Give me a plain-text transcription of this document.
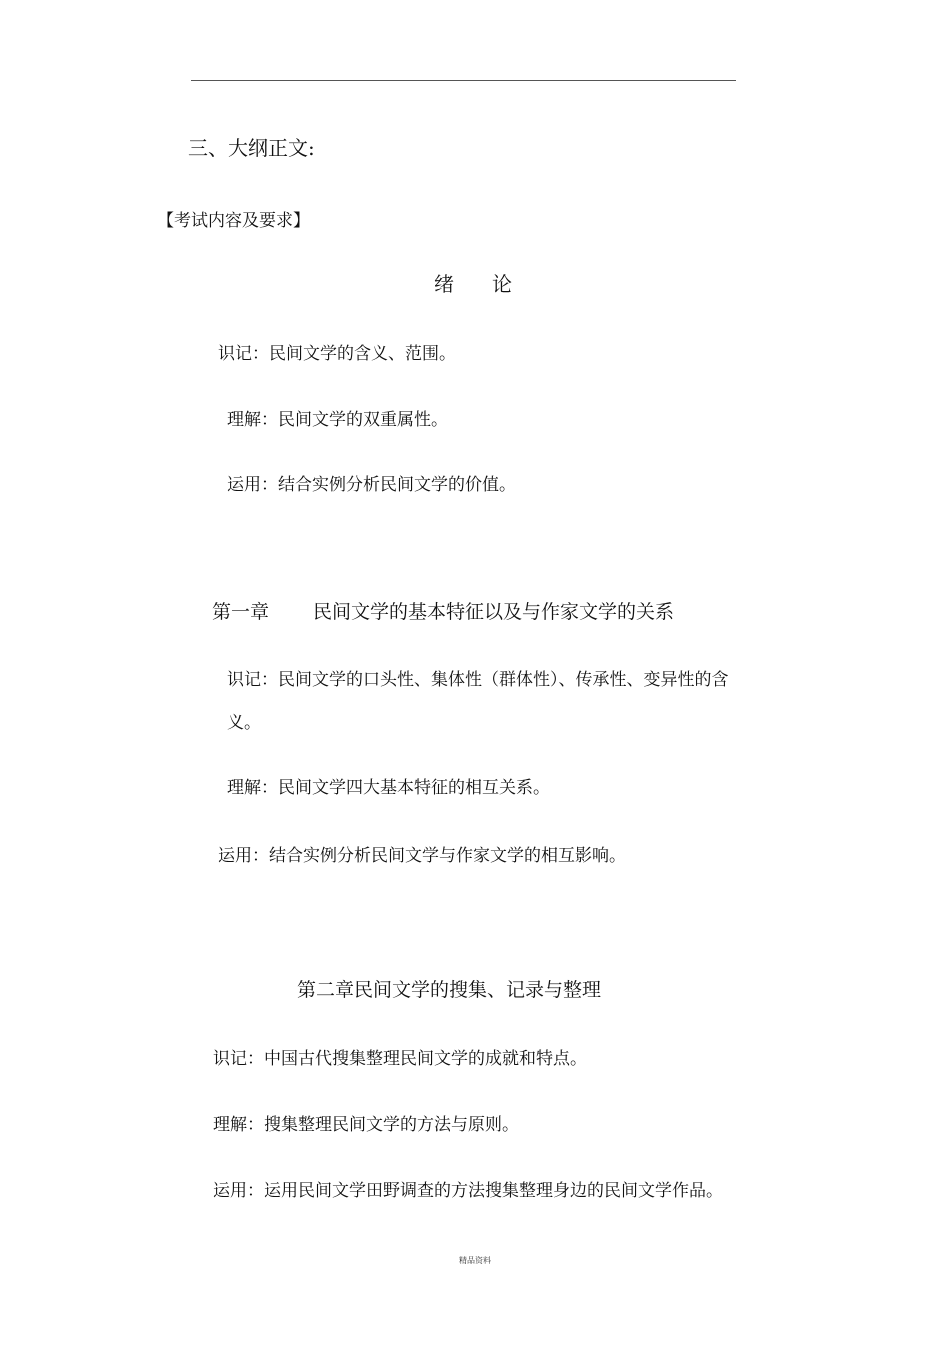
三、大纲正文:
【考试内容及要求】
绪 论
识记：民间文学的含义、范围。
理解：民间文学的双重属性。
运用：结合实例分析民间文学的价值。
第一章 民间文学的基本特征以及与作家文学的关系
识记：民间文学的口头性、集体性（群体性）、传承性、变异性的含
义。
理解：民间文学四大基本特征的相互关系。
运用：结合实例分析民间文学与作家文学的相互影响。
第二章民间文学的搜集、记录与整理
识记：中国古代搜集整理民间文学的成就和特点。
理解：搜集整理民间文学的方法与原则。
运用：运用民间文学田野调查的方法搜集整理身边的民间文学作品。
精品资料
